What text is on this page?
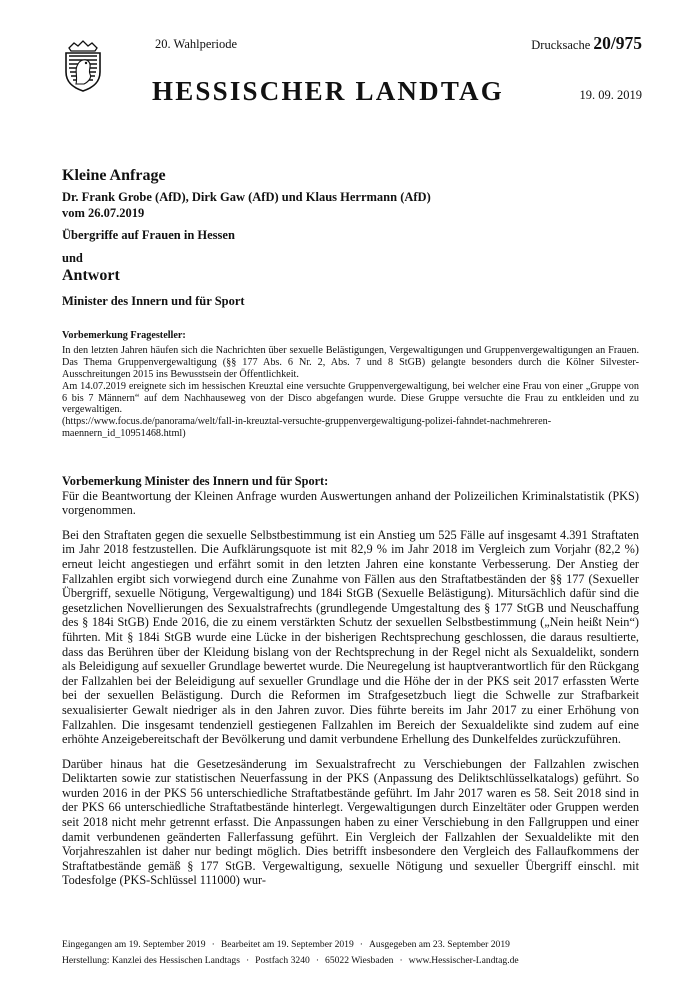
20. Wahlperiode
HESSISCHER LANDTAG
Drucksache 20/975
19. 09. 2019
Kleine Anfrage
Dr. Frank Grobe (AfD), Dirk Gaw (AfD) und Klaus Herrmann (AfD)
vom 26.07.2019
Übergriffe auf Frauen in Hessen
und
Antwort
Minister des Innern und für Sport
Vorbemerkung Fragesteller:

In den letzten Jahren häufen sich die Nachrichten über sexuelle Belästigungen, Vergewaltigungen und Gruppenvergewaltigungen an Frauen. Das Thema Gruppenvergewaltigung (§§ 177 Abs. 6 Nr. 2, Abs. 7 und 8 StGB) gelangte besonders durch die Kölner Silvester-Ausschreitungen 2015 ins Bewusstsein der Öffentlichkeit.

Am 14.07.2019 ereignete sich im hessischen Kreuztal eine versuchte Gruppenvergewaltigung, bei welcher eine Frau von einer „Gruppe von 6 bis 7 Männern“ auf dem Nachhauseweg von der Disco abgefangen wurde. Diese Gruppe versuchte die Frau zu entkleiden und zu vergewaltigen.

(https://www.focus.de/panorama/welt/fall-in-kreuztal-versuchte-gruppenvergewaltigung-polizei-fahndet-nachmehreren-maennern_id_10951468.html)

Vorbemerkung Minister des Innern und für Sport:

Für die Beantwortung der Kleinen Anfrage wurden Auswertungen anhand der Polizeilichen Kriminalstatistik (PKS) vorgenommen.

Bei den Straftaten gegen die sexuelle Selbstbestimmung ist ein Anstieg um 525 Fälle auf insgesamt 4.391 Straftaten im Jahr 2018 festzustellen. Die Aufklärungsquote ist mit 82,9 % im Jahr 2018 im Vergleich zum Vorjahr (82,2 %) erneut leicht angestiegen und erfährt somit in den letzten Jahren eine konstante Verbesserung. Der Anstieg der Fallzahlen ergibt sich vorwiegend durch eine Zunahme von Fällen aus den Straftatbeständen der §§ 177 (Sexueller Übergriff, sexuelle Nötigung, Vergewaltigung) und 184i StGB (Sexuelle Belästigung). Mitursächlich dafür sind die gesetzlichen Novellierungen des Sexualstrafrechts (grundlegende Umgestaltung des § 177 StGB und Neuschaffung des § 184i StGB) Ende 2016, die zu einem verstärkten Schutz der sexuellen Selbstbestimmung („Nein heißt Nein“) führten. Mit § 184i StGB wurde eine Lücke in der bisherigen Rechtsprechung geschlossen, die daraus resultierte, dass das Berühren über der Kleidung bislang von der Rechtsprechung in der Regel nicht als Sexualdelikt, sondern als Beleidigung auf sexueller Grundlage bewertet wurde. Die Neuregelung ist hauptverantwortlich für den Rückgang der Fallzahlen bei der Beleidigung auf sexueller Grundlage und die Höhe der in der PKS seit 2017 erfassten Werte bei der sexuellen Belästigung. Durch die Reformen im Strafgesetzbuch liegt die Schwelle zur Strafbarkeit sexualisierter Gewalt niedriger als in den Jahren zuvor. Dies führte bereits im Jahr 2017 zu einer Erhöhung von Fallzahlen. Die insgesamt tendenziell gestiegenen Fallzahlen im Bereich der Sexualdelikte sind zudem auf eine erhöhte Anzeigebereitschaft der Bevölkerung und damit verbundene Erhellung des Dunkelfeldes zurückzuführen.

Darüber hinaus hat die Gesetzesänderung im Sexualstrafrecht zu Verschiebungen der Fallzahlen zwischen Deliktarten sowie zur statistischen Neuerfassung in der PKS (Anpassung des Deliktschlüsselkatalogs) geführt. So wurden 2016 in der PKS 56 unterschiedliche Straftatbestände geführt. Im Jahr 2017 waren es 58. Seit 2018 sind in der PKS 66 unterschiedliche Straftatbestände hinterlegt. Vergewaltigungen durch Einzeltäter oder Gruppen werden seit 2018 nicht mehr getrennt erfasst. Die Anpassungen haben zu einer Verschiebung in den Fallgruppen und einer damit verbundenen geänderten Fallerfassung geführt. Ein Vergleich der Fallzahlen der Sexualdelikte mit den Vorjahreszahlen ist daher nur bedingt möglich. Dies betrifft insbesondere den Vergleich des Fallaufkommens der Straftatbestände gemäß § 177 StGB. Vergewaltigung, sexuelle Nötigung und sexueller Übergriff einschl. mit Todesfolge (PKS-Schlüssel 111000) wur-

Eingegangen am 19. September 2019 · Bearbeitet am 19. September 2019 · Ausgegeben am 23. September 2019
Herstellung: Kanzlei des Hessischen Landtags · Postfach 3240 · 65022 Wiesbaden · www.Hessischer-Landtag.de
